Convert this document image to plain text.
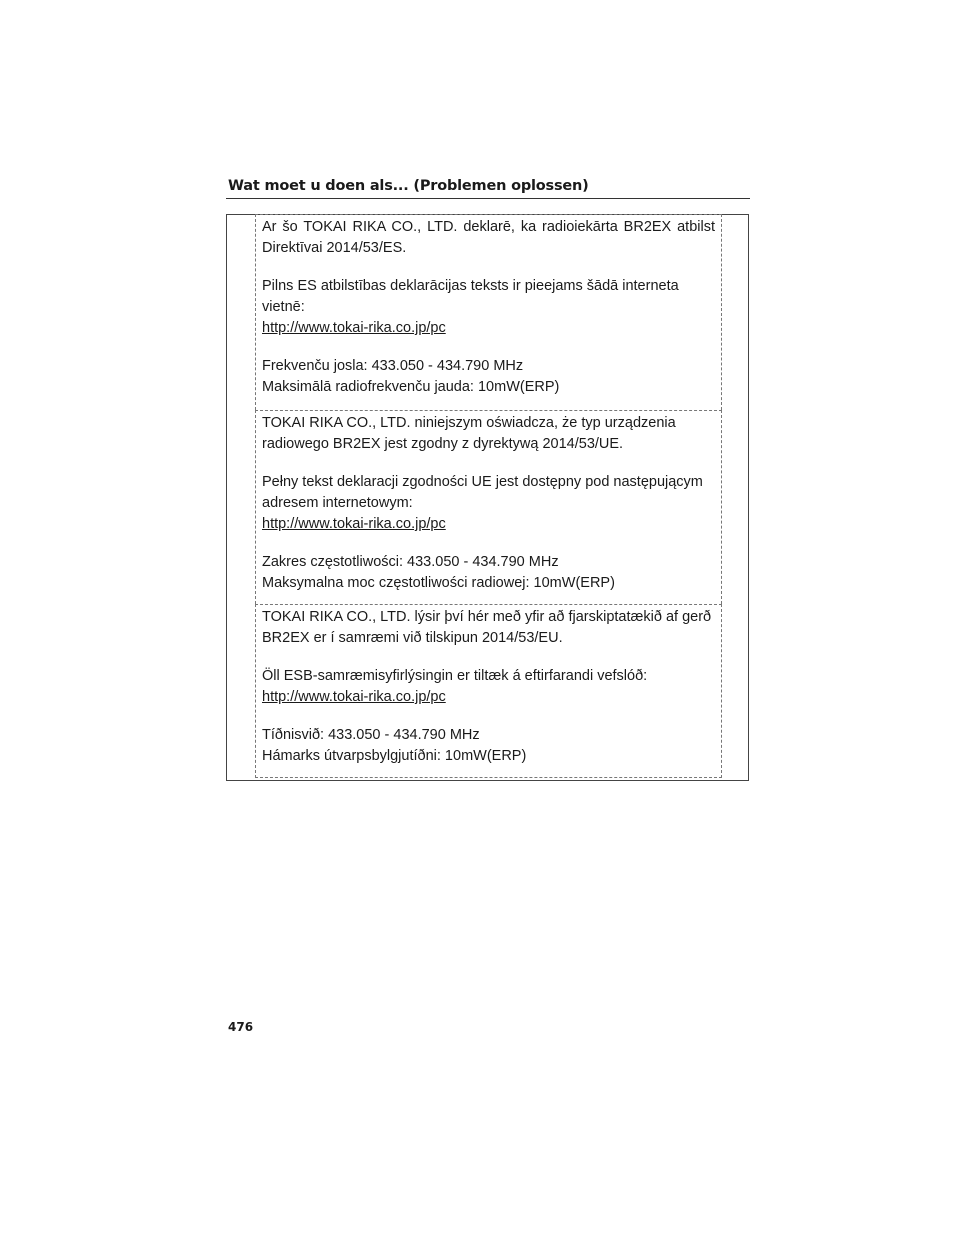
Wat moet u doen als... (Problemen oplossen)

Ar šo TOKAI RIKA CO., LTD. deklarē, ka radioiekārta BR2EX atbilst Direktīvai 2014/53/ES.

Pilns ES atbilstības deklarācijas teksts ir pieejams šādā interneta vietnē:
http://www.tokai-rika.co.jp/pc

Frekvenču josla: 433.050 - 434.790 MHz
Maksimālā radiofrekvenču jauda: 10mW(ERP)

TOKAI RIKA CO., LTD. niniejszym oświadcza, że typ urządzenia radiowego BR2EX jest zgodny z dyrektywą 2014/53/UE.

Pełny tekst deklaracji zgodności UE jest dostępny pod następującym adresem internetowym:
http://www.tokai-rika.co.jp/pc

Zakres częstotliwości: 433.050 - 434.790 MHz
Maksymalna moc częstotliwości radiowej: 10mW(ERP)

TOKAI RIKA CO., LTD. lýsir því hér með yfir að fjarskiptatækið af gerð BR2EX er í samræmi við tilskipun 2014/53/EU.

Öll ESB-samræmisyfirlýsingin er tiltæk á eftirfarandi vefslóð:
http://www.tokai-rika.co.jp/pc

Tíðnisvið: 433.050 - 434.790 MHz
Hámarks útvarpsbylgjutíðni: 10mW(ERP)

476
